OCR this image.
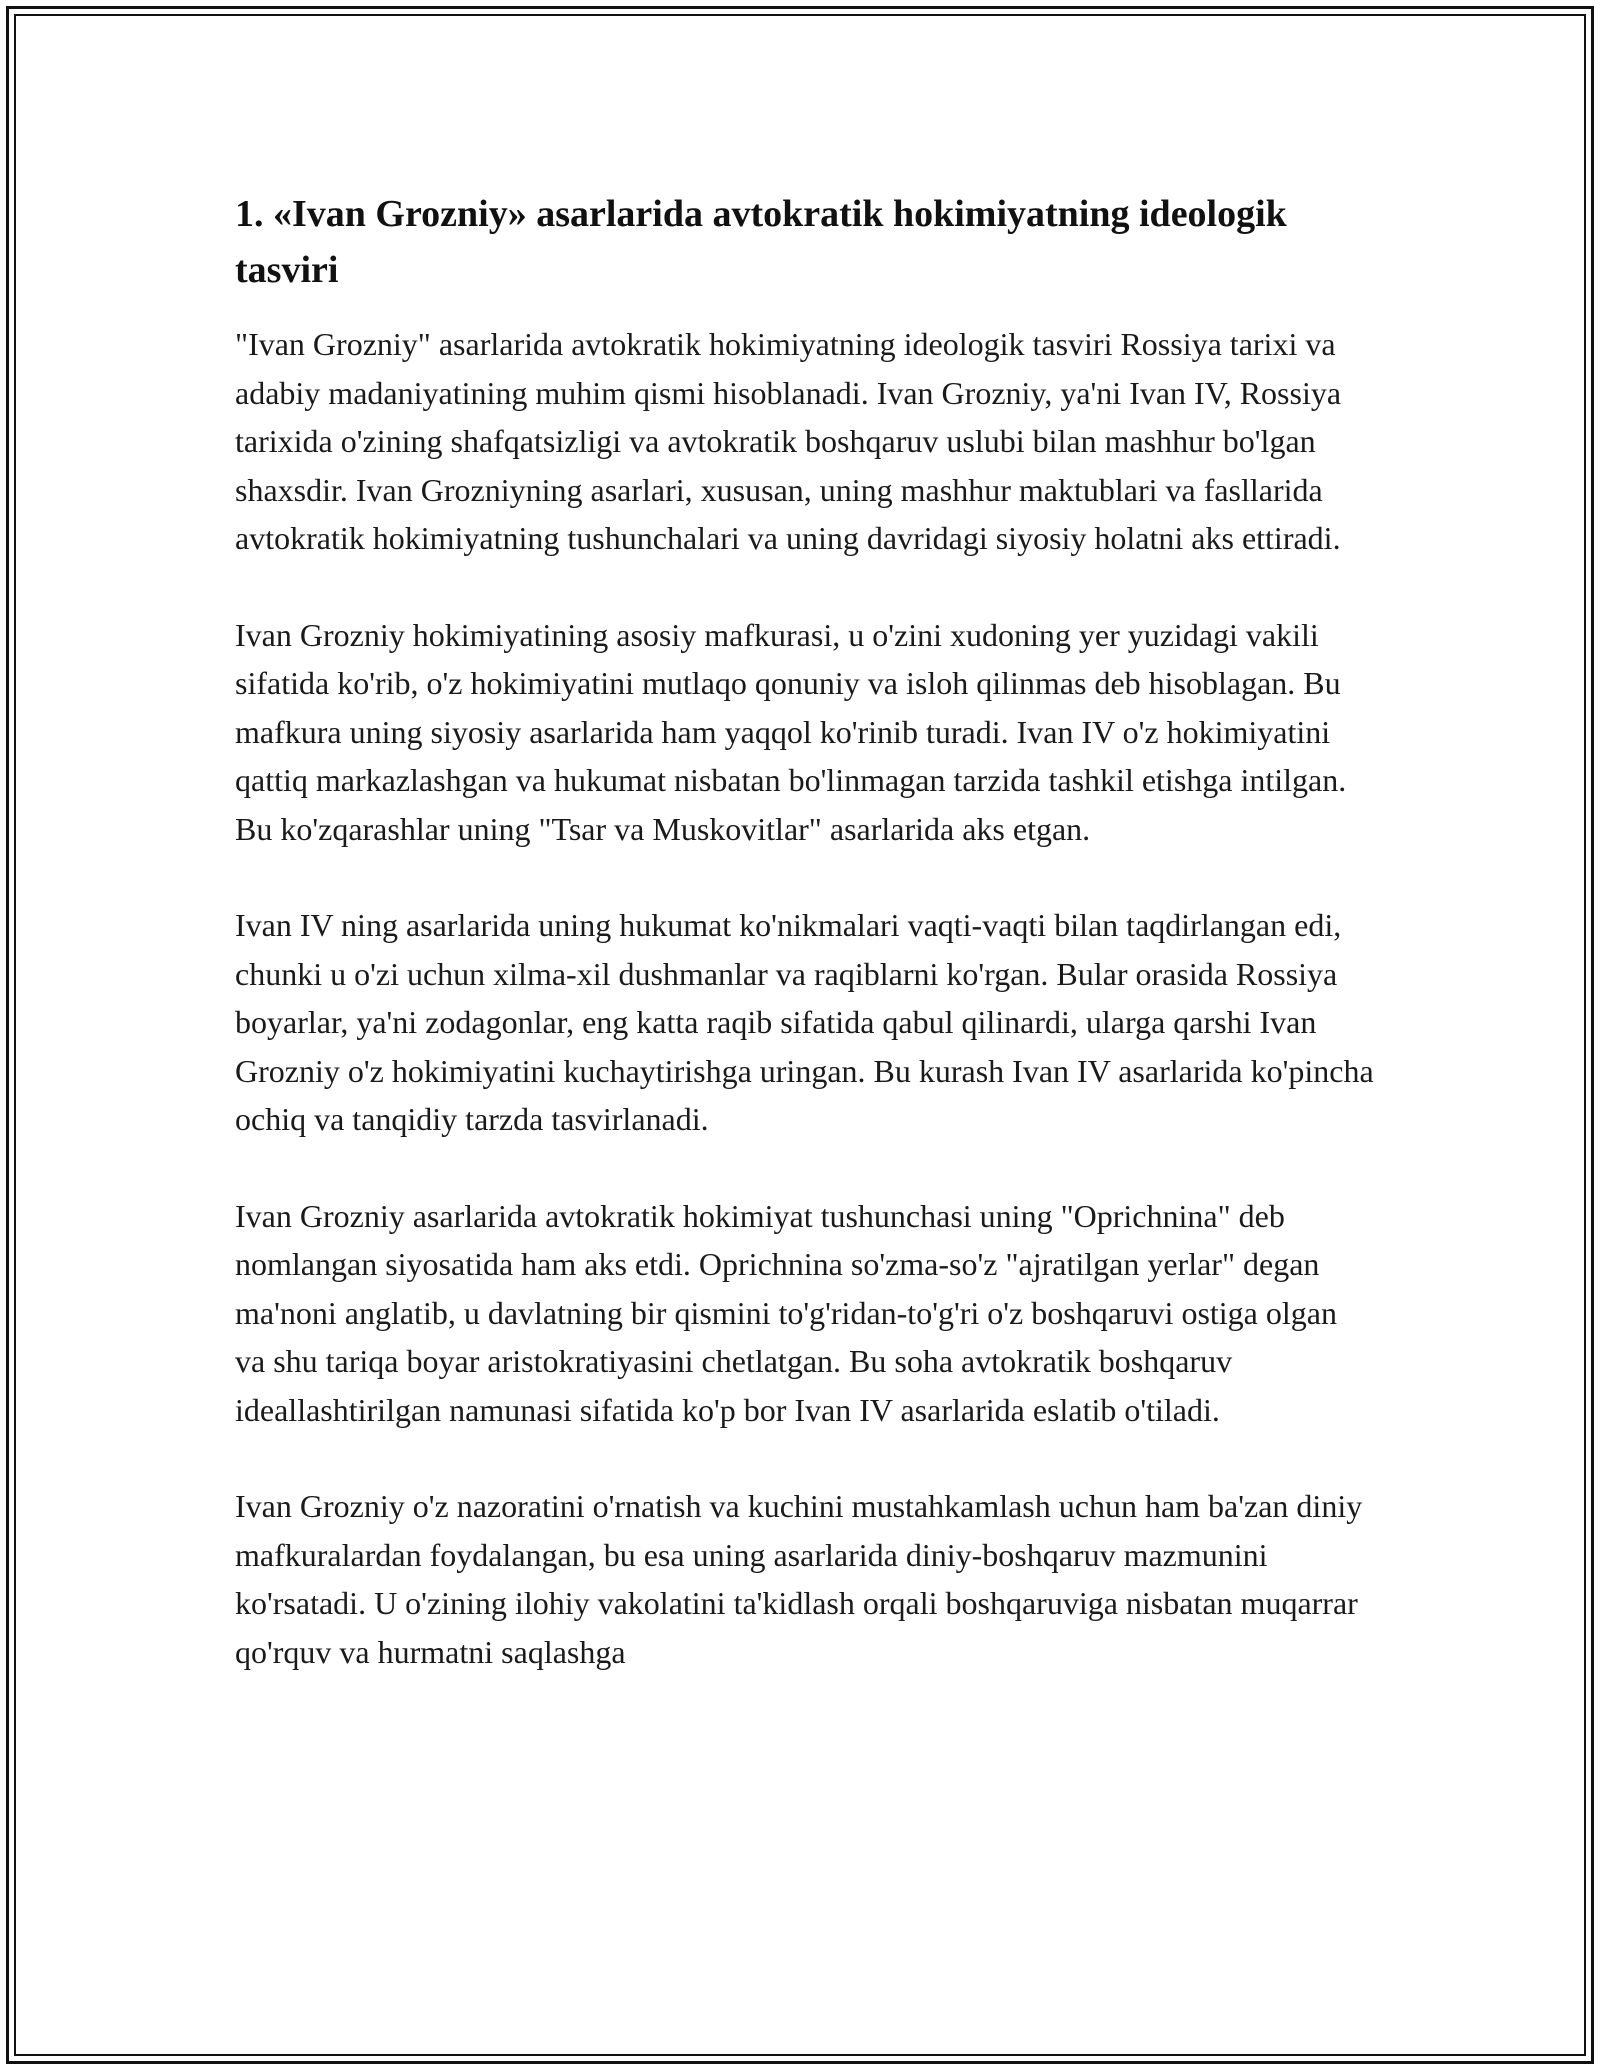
1. «Ivan Grozniy» asarlarida avtokratik hokimiyatning ideologik tasviri

"Ivan Grozniy" asarlarida avtokratik hokimiyatning ideologik tasviri Rossiya tarixi va adabiy madaniyatining muhim qismi hisoblanadi. Ivan Grozniy, ya'ni Ivan IV, Rossiya tarixida o'zining shafqatsizligi va avtokratik boshqaruv uslubi bilan mashhur bo'lgan shaxsdir. Ivan Grozniyning asarlari, xususan, uning mashhur maktublari va fasllarida avtokratik hokimiyatning tushunchalari va uning davridagi siyosiy holatni aks ettiradi.

Ivan Grozniy hokimiyatining asosiy mafkurasi, u o'zini xudoning yer yuzidagi vakili sifatida ko'rib, o'z hokimiyatini mutlaqo qonuniy va isloh qilinmas deb hisoblagan. Bu mafkura uning siyosiy asarlarida ham yaqqol ko'rinib turadi. Ivan IV o'z hokimiyatini qattiq markazlashgan va hukumat nisbatan bo'linmagan tarzida tashkil etishga intilgan. Bu ko'zqarashlar uning "Tsar va Muskovitlar" asarlarida aks etgan.

Ivan IV ning asarlarida uning hukumat ko'nikmalari vaqti-vaqti bilan taqdirlangan edi, chunki u o'zi uchun xilma-xil dushmanlar va raqiblarni ko'rgan. Bular orasida Rossiya boyarlar, ya'ni zodagonlar, eng katta raqib sifatida qabul qilinardi, ularga qarshi Ivan Grozniy o'z hokimiyatini kuchaytirishga uringan. Bu kurash Ivan IV asarlarida ko'pincha ochiq va tanqidiy tarzda tasvirlanadi.

Ivan Grozniy asarlarida avtokratik hokimiyat tushunchasi uning "Oprichnina" deb nomlangan siyosatida ham aks etdi. Oprichnina so'zma-so'z "ajratilgan yerlar" degan ma'noni anglatib, u davlatning bir qismini to'g'ridan-to'g'ri o'z boshqaruvi ostiga olgan va shu tariqa boyar aristokratiyasini chetlatgan. Bu soha avtokratik boshqaruv ideallashtirilgan namunasi sifatida ko'p bor Ivan IV asarlarida eslatib o'tiladi.

Ivan Grozniy o'z nazoratini o'rnatish va kuchini mustahkamlash uchun ham ba'zan diniy mafkuralardan foydalangan, bu esa uning asarlarida diniy-boshqaruv mazmunini ko'rsatadi. U o'zining ilohiy vakolatini ta'kidlash orqali boshqaruviga nisbatan muqarrar qo'rquv va hurmatni saqlashga
